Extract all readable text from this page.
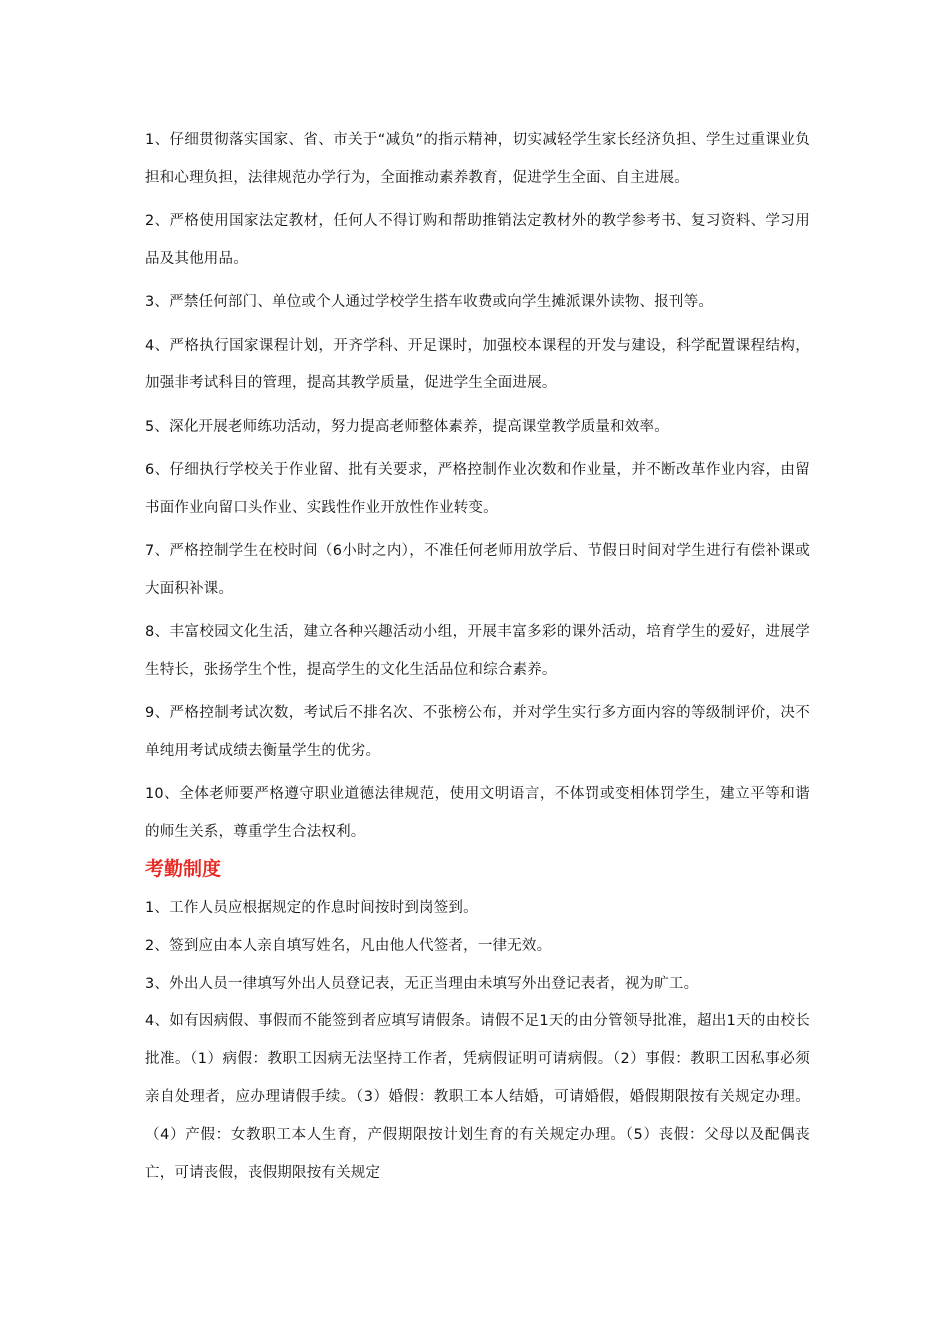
1、仔细贯彻落实国家、省、市关于“减负”的指示精神，切实减轻学生家长经济负担、学生过重课业负担和心理负担，法律规范办学行为，全面推动素养教育，促进学生全面、自主进展。

2、严格使用国家法定教材，任何人不得订购和帮助推销法定教材外的教学参考书、复习资料、学习用品及其他用品。

3、严禁任何部门、单位或个人通过学校学生搭车收费或向学生摊派课外读物、报刊等。

4、严格执行国家课程计划，开齐学科、开足课时，加强校本课程的开发与建设，科学配置课程结构，加强非考试科目的管理，提高其教学质量，促进学生全面进展。

5、深化开展老师练功活动，努力提高老师整体素养，提高课堂教学质量和效率。

6、仔细执行学校关于作业留、批有关要求，严格控制作业次数和作业量，并不断改革作业内容，由留书面作业向留口头作业、实践性作业开放性作业转变。

7、严格控制学生在校时间（6小时之内），不准任何老师用放学后、节假日时间对学生进行有偿补课或大面积补课。

8、丰富校园文化生活，建立各种兴趣活动小组，开展丰富多彩的课外活动，培育学生的爱好，进展学生特长，张扬学生个性，提高学生的文化生活品位和综合素养。

9、严格控制考试次数，考试后不排名次、不张榜公布，并对学生实行多方面内容的等级制评价，决不单纯用考试成绩去衡量学生的优劣。

10、全体老师要严格遵守职业道德法律规范，使用文明语言，不体罚或变相体罚学生，建立平等和谐的师生关系，尊重学生合法权利。

考勤制度

1、工作人员应根据规定的作息时间按时到岗签到。

2、签到应由本人亲自填写姓名，凡由他人代签者，一律无效。

3、外出人员一律填写外出人员登记表，无正当理由未填写外出登记表者，视为旷工。

4、如有因病假、事假而不能签到者应填写请假条。请假不足1天的由分管领导批准，超出1天的由校长批准。（1）病假：教职工因病无法坚持工作者，凭病假证明可请病假。（2）事假：教职工因私事必须亲自处理者，应办理请假手续。（3）婚假：教职工本人结婚，可请婚假，婚假期限按有关规定办理。（4）产假：女教职工本人生育，产假期限按计划生育的有关规定办理。（5）丧假：父母以及配偶丧亡，可请丧假，丧假期限按有关规定
